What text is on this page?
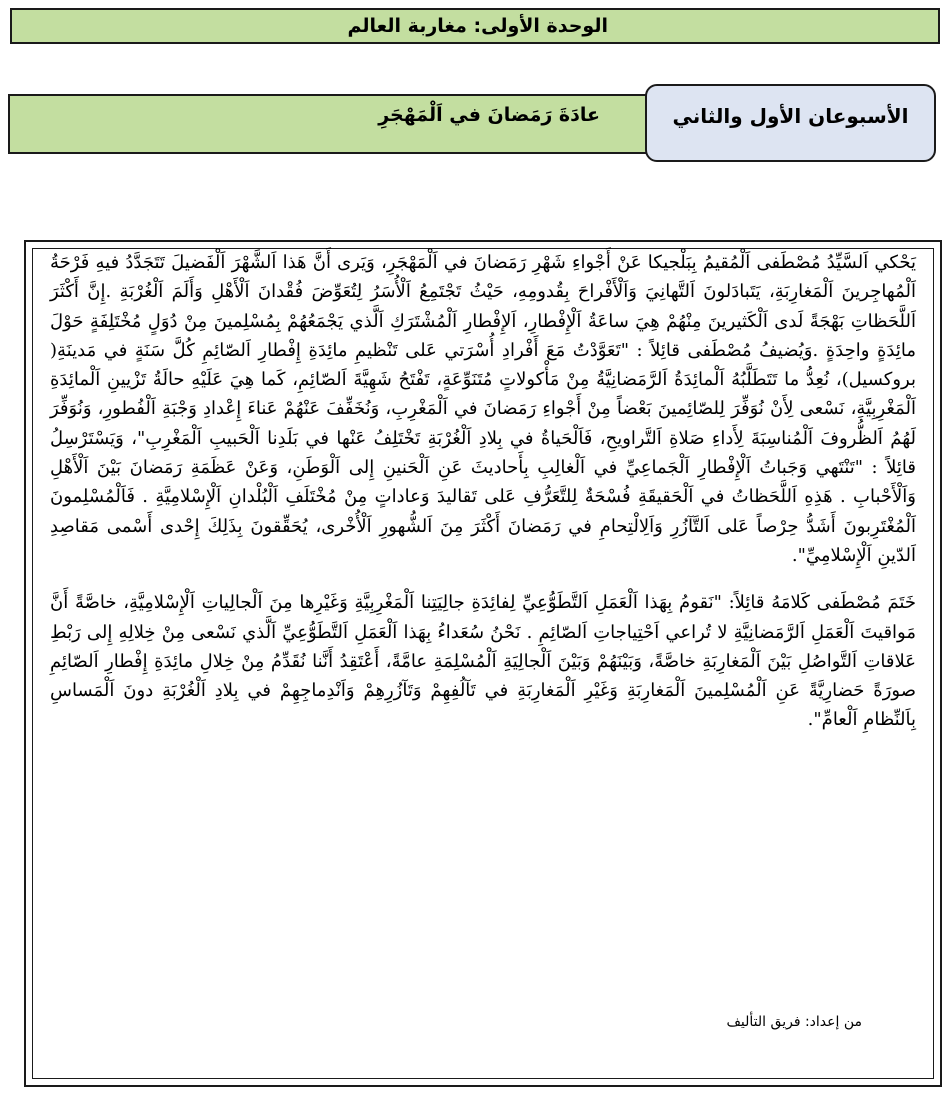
الوحدة الأولى: مغاربة العالم
عادَةَ رَمَضانَ في اَلْمَهْجَرِ	الأسبوعان الأول والثاني

يَحْكي اَلسَّيِّدُ مُصْطَفى اَلْمُقيمُ بِبَلْجيكا عَنْ أَجْواءِ شَهْرِ رَمَضانَ في اَلْمَهْجَرِ، وَيَرى أَنَّ هَذا اَلشَّهْرَ اَلْفَضيلَ تَتَجَدَّدُ فيهِ فَرْحَةُ اَلْمُهاجِرينَ اَلْمَغارِبَةِ، يَتَبادَلونَ اَلتَّهانِيَ وَاَلْأَفْراحَ بِقُدومِهِ، حَيْثُ تَجْتَمِعُ اَلْأُسَرُ لِتُعَوِّضَ فُقْدانَ اَلْأَهْلِ وَأَلَمَ اَلْغُرْبَةِ .إِنَّ أَكْثَرَ اَللَّحَظاتِ بَهْجَةً لَدى اَلْكَثيرينَ مِنْهُمْ هِيَ ساعَةُ اَلْإِفْطارِ، اَلإِفْطارِ اَلْمُشْتَرَكِ اَلَّذي يَجْمَعُهُمْ بِمُسْلِمينَ مِنْ دُوَلٍ مُخْتَلِفَةٍ حَوْلَ مائِدَةٍ واحِدَةٍ .وَيُضيفُ مُصْطَفى قائِلاً : "تَعَوَّدْتُ مَعَ أَفْرادِ أُسْرَتي عَلى تَنْظيمِ مائِدَةِ إِفْطارِ اَلصّائِمِ كُلَّ سَنَةٍ في مَدينَةِ( بروكسيل)، نُعِدُّ ما تَتَطَلَّبُهُ اَلْمائِدَةُ اَلرَّمَضانِيَّةُ مِنْ مَأْكولاتٍ مُتَنَوِّعَةٍ، تَفْتَحُ شَهِيَّةَ اَلصّائِمِ، كَما هِيَ عَلَيْهِ حالَةُ تَزْيينِ اَلْمائِدَةِ اَلْمَغْرِبِيَّةِ، نَسْعى لِأَنْ نُوَفِّرَ لِلصّائِمينَ بَعْضاً مِنْ أَجْواءِ رَمَضانَ في اَلْمَغْرِبِ، وَنُخَفِّفَ عَنْهُمْ عَناءَ إِعْدادِ وَجْبَةِ اَلْفُطورِ، وَنُوَفِّرَ لَهُمُ اَلظُّروفَ اَلْمُناسِبَةَ لِأَداءِ صَلاةِ اَلتَّراويحِ، فَاَلْحَياةُ في بِلادِ اَلْغُرْبَةِ تَخْتَلِفُ عَنْها في بَلَدِنا اَلْحَبيبِ اَلْمَغْرِبِ"، وَيَسْتَرْسِلُ قائِلاً : "تَنْتَهي وَجَباتُ اَلْإِفْطارِ اَلْجَماعِيِّ في اَلْغالِبِ بِأَحاديثَ عَنِ اَلْحَنينِ إِلى اَلْوَطَنِ، وَعَنْ عَظَمَةِ رَمَضانَ بَيْنَ اَلْأَهْلِ وَاَلْأَحْبابِ . هَذِهِ اَللَّحَظاتُ في اَلْحَقيقَةِ فُسْحَةٌ لِلتَّعَرُّفِ عَلى تَقاليدَ وَعاداتٍ مِنْ مُخْتَلَفِ اَلْبُلْدانِ اَلْإِسْلامِيَّةِ . فَاَلْمُسْلِمونَ اَلْمُغْتَرِبونَ أَشَدُّ حِرْصاً عَلى اَلتَّآزُرِ وَاَلِالْتِحامِ في رَمَضانَ أَكْثَرَ مِنَ اَلشُّهورِ اَلْأُخْرى، يُحَقِّقونَ بِذَلِكَ إِحْدى أَسْمى مَقاصِدِ اَلدّينِ اَلْإِسْلامِيِّ".

خَتَمَ مُصْطَفى كَلامَهُ قائِلاً: "نَقومُ بِهَذا اَلْعَمَلِ اَلتَّطَوُّعِيِّ لِفائِدَةِ جالِيَتِنا اَلْمَغْرِبِيَّةِ وَغَيْرِها مِنَ اَلْجالِياتِ اَلْإِسْلامِيَّةِ، خاصَّةً أَنَّ مَواقيتَ اَلْعَمَلِ اَلرَّمَضانِيَّةِ لا تُراعي اَحْتِياجاتِ اَلصّائِمِ . نَحْنُ سُعَداءُ بِهَذا اَلْعَمَلِ اَلتَّطَوُّعِيِّ اَلَّذي نَسْعى مِنْ خِلالِهِ إِلى رَبْطِ عَلاقاتِ اَلتَّواصُلِ بَيْنَ اَلْمَغارِبَةِ خاصَّةً، وَبَيْنَهُمْ وَبَيْنَ اَلْجالِيَةِ اَلْمُسْلِمَةِ عامَّةً، أَعْتَقِدُ أَنَّنا نُقَدِّمُ مِنْ خِلالِ مائِدَةِ إِفْطارِ اَلصّائِمِ صورَةً حَضارِيَّةً عَنِ اَلْمُسْلِمينَ اَلْمَغارِبَةِ وَغَيْرِ اَلْمَغارِبَةِ في تَآلُفِهِمْ وَتَآزُرِهِمْ وَاَنْدِماجِهِمْ في بِلادِ اَلْغُرْبَةِ دونَ اَلْمَساسِ بِاَلنِّظامِ اَلْعامِّ".

من إعداد: فريق التأليف
